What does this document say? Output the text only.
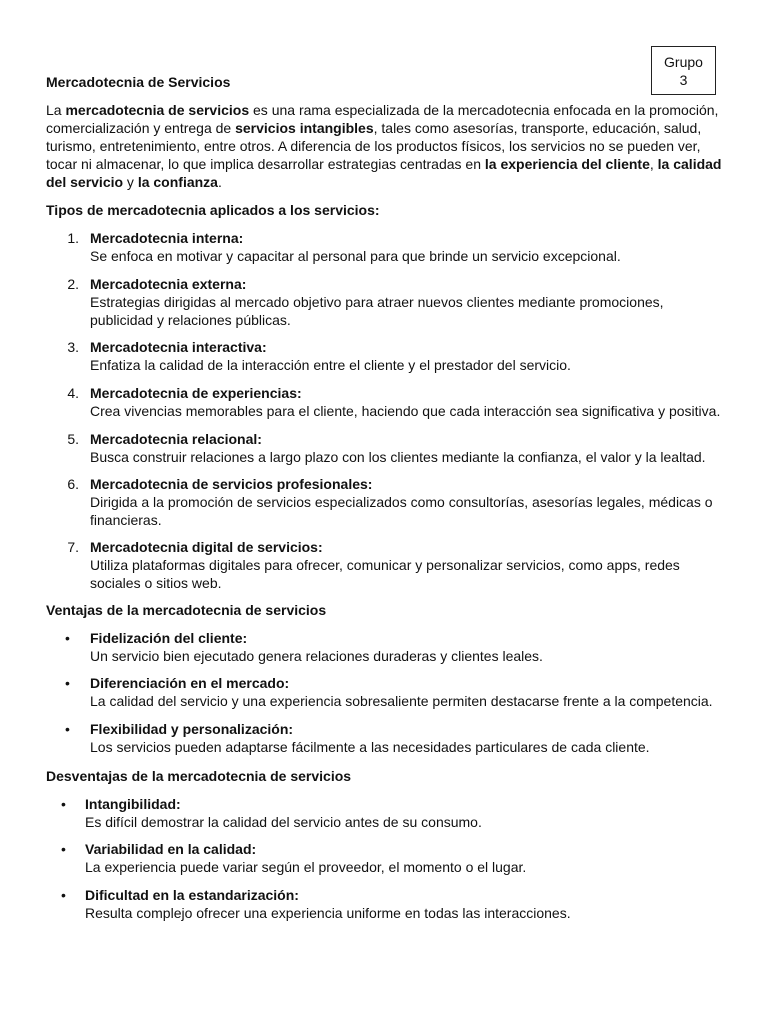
Grupo
3
Mercadotecnia de Servicios
La mercadotecnia de servicios es una rama especializada de la mercadotecnia enfocada en la promoción, comercialización y entrega de servicios intangibles, tales como asesorías, transporte, educación, salud, turismo, entretenimiento, entre otros. A diferencia de los productos físicos, los servicios no se pueden ver, tocar ni almacenar, lo que implica desarrollar estrategias centradas en la experiencia del cliente, la calidad del servicio y la confianza.
Tipos de mercadotecnia aplicados a los servicios:
1. Mercadotecnia interna:
Se enfoca en motivar y capacitar al personal para que brinde un servicio excepcional.
2. Mercadotecnia externa:
Estrategias dirigidas al mercado objetivo para atraer nuevos clientes mediante promociones, publicidad y relaciones públicas.
3. Mercadotecnia interactiva:
Enfatiza la calidad de la interacción entre el cliente y el prestador del servicio.
4. Mercadotecnia de experiencias:
Crea vivencias memorables para el cliente, haciendo que cada interacción sea significativa y positiva.
5. Mercadotecnia relacional:
Busca construir relaciones a largo plazo con los clientes mediante la confianza, el valor y la lealtad.
6. Mercadotecnia de servicios profesionales:
Dirigida a la promoción de servicios especializados como consultorías, asesorías legales, médicas o financieras.
7. Mercadotecnia digital de servicios:
Utiliza plataformas digitales para ofrecer, comunicar y personalizar servicios, como apps, redes sociales o sitios web.
Ventajas de la mercadotecnia de servicios
•	Fidelización del cliente:
Un servicio bien ejecutado genera relaciones duraderas y clientes leales.
•	Diferenciación en el mercado:
La calidad del servicio y una experiencia sobresaliente permiten destacarse frente a la competencia.
•	Flexibilidad y personalización:
Los servicios pueden adaptarse fácilmente a las necesidades particulares de cada cliente.
Desventajas de la mercadotecnia de servicios
•	Intangibilidad:
Es difícil demostrar la calidad del servicio antes de su consumo.
•	Variabilidad en la calidad:
La experiencia puede variar según el proveedor, el momento o el lugar.
•	Dificultad en la estandarización:
Resulta complejo ofrecer una experiencia uniforme en todas las interacciones.
